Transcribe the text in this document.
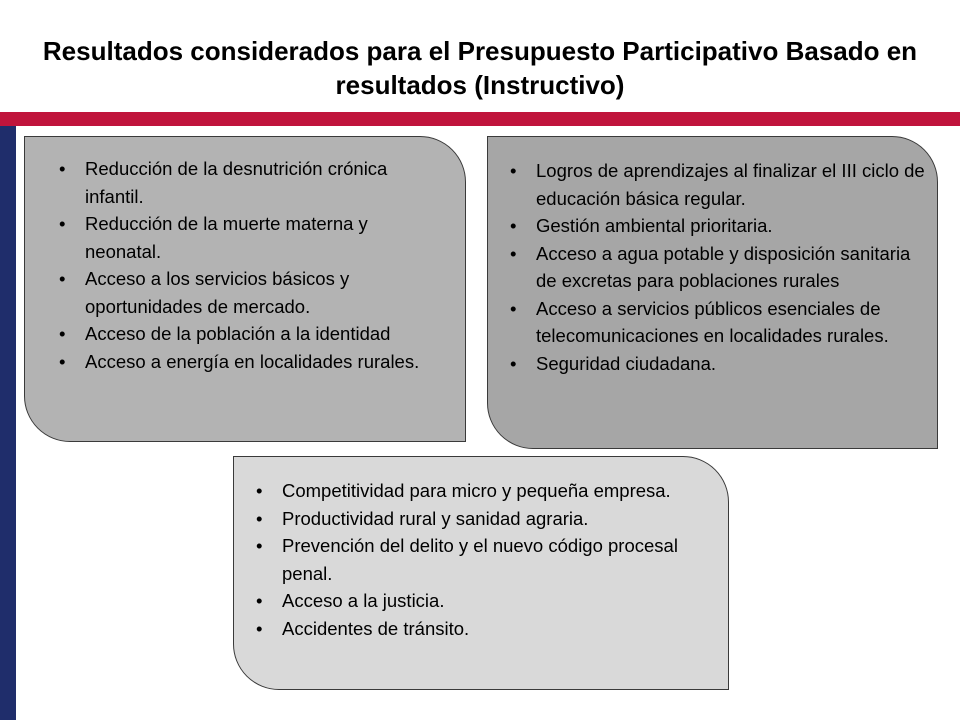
Resultados considerados para el Presupuesto Participativo Basado en resultados (Instructivo)
• Reducción de la desnutrición crónica infantil.
• Reducción de la muerte materna y neonatal.
• Acceso a los servicios básicos y oportunidades de mercado.
• Acceso de la población a la identidad
• Acceso a energía en localidades rurales.
• Logros de aprendizajes al finalizar el III ciclo de educación básica regular.
• Gestión ambiental prioritaria.
• Acceso a agua potable y disposición sanitaria de excretas para poblaciones rurales
• Acceso a servicios públicos esenciales de telecomunicaciones en localidades rurales.
• Seguridad ciudadana.
• Competitividad para micro y pequeña empresa.
• Productividad rural y sanidad agraria.
• Prevención del delito y el nuevo código procesal penal.
• Acceso a la justicia.
• Accidentes de tránsito.
